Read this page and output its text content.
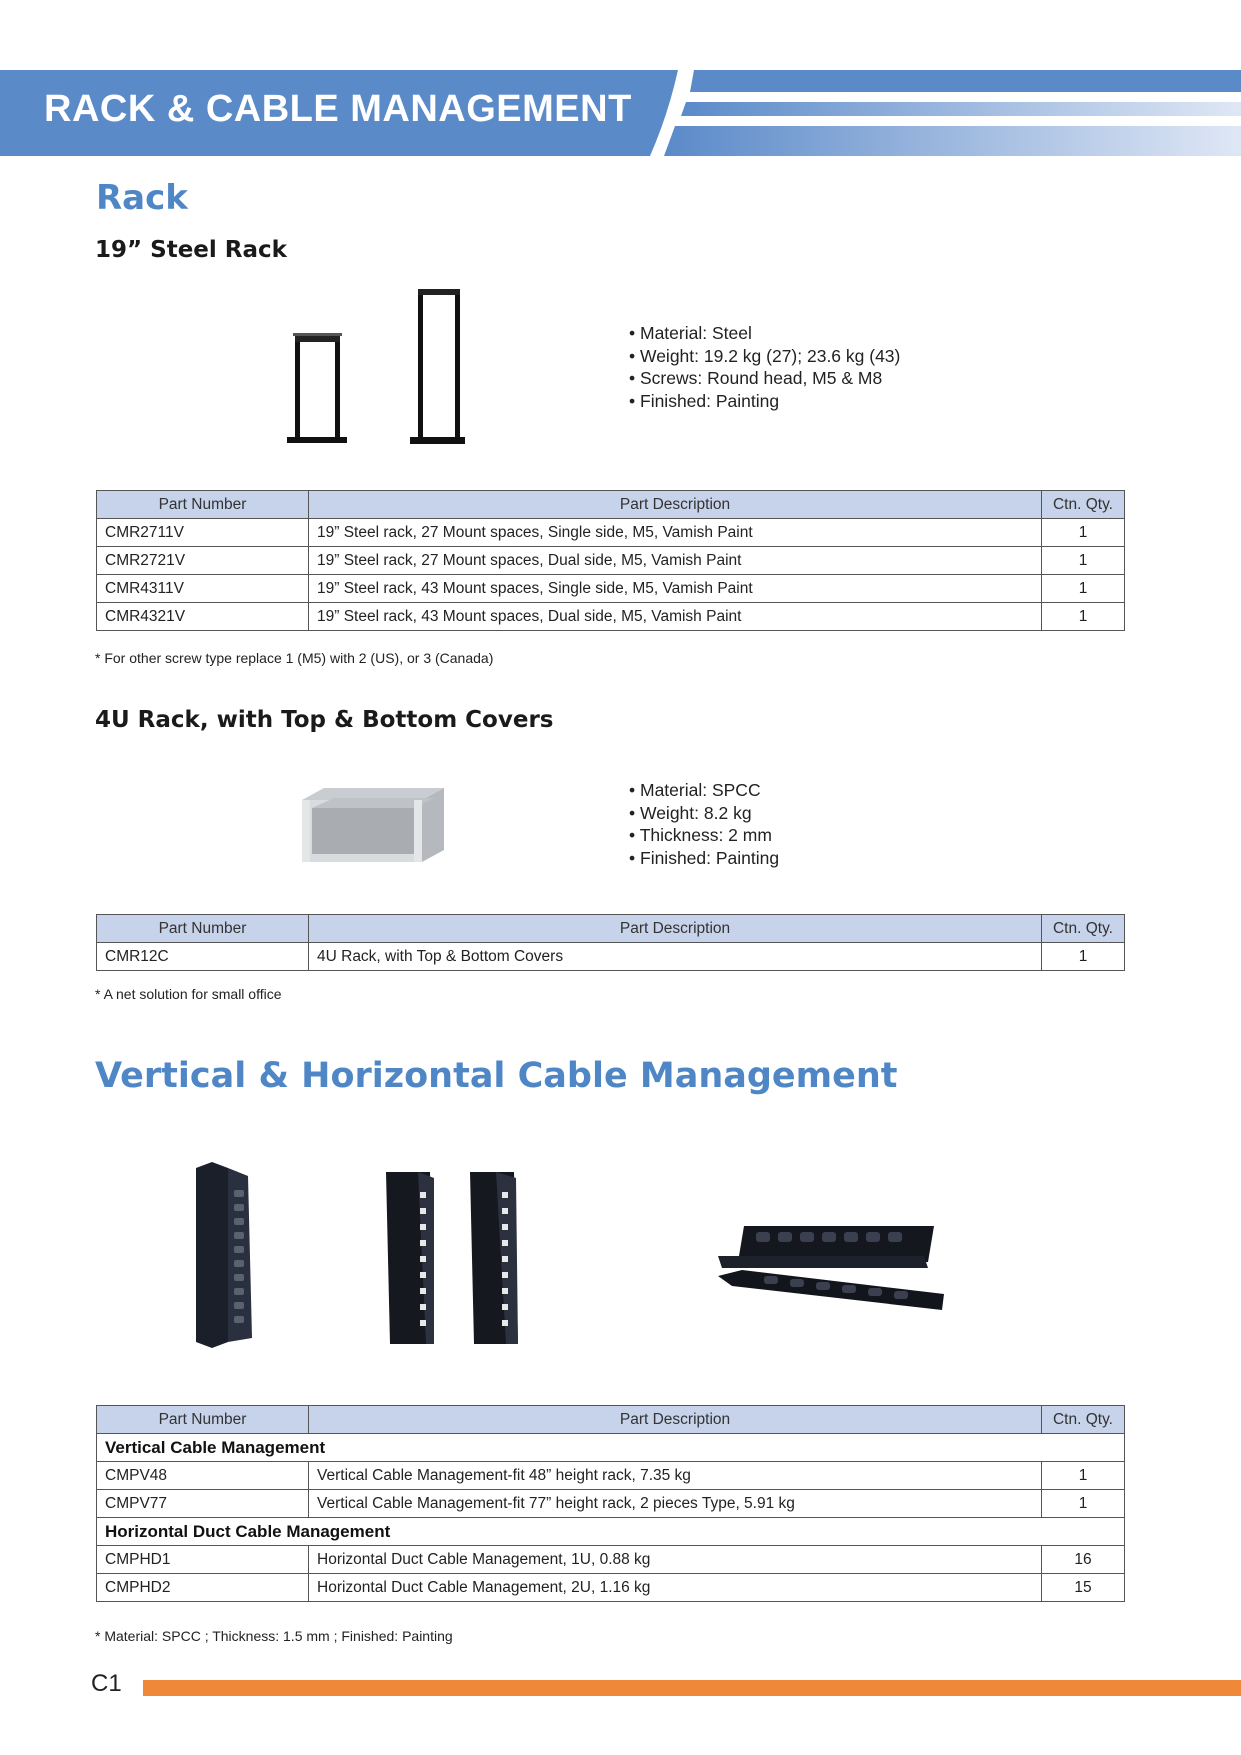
RACK & CABLE MANAGEMENT
Rack
19” Steel Rack
• Material: Steel
• Weight: 19.2 kg (27); 23.6 kg (43)
• Screws: Round head, M5 & M8
• Finished: Painting
Part Number	Part Description	Ctn. Qty.
CMR2711V	19” Steel rack, 27 Mount spaces, Single side, M5, Vamish Paint	1
CMR2721V	19” Steel rack, 27 Mount spaces, Dual side, M5, Vamish Paint	1
CMR4311V	19” Steel rack, 43 Mount spaces, Single side, M5, Vamish Paint	1
CMR4321V	19” Steel rack, 43 Mount spaces, Dual side, M5, Vamish Paint	1
* For other screw type replace 1 (M5) with 2 (US), or 3 (Canada)
4U Rack, with Top & Bottom Covers
• Material: SPCC
• Weight: 8.2 kg
• Thickness: 2 mm
• Finished: Painting
Part Number	Part Description	Ctn. Qty.
CMR12C	4U Rack, with Top & Bottom Covers	1
* A net solution for small office
Vertical & Horizontal Cable Management
Part Number	Part Description	Ctn. Qty.
Vertical Cable Management		
CMPV48	Vertical Cable Management-fit 48” height rack, 7.35 kg	1
CMPV77	Vertical Cable Management-fit 77” height rack, 2 pieces Type, 5.91 kg	1
Horizontal Duct Cable Management		
CMPHD1	Horizontal Duct Cable Management, 1U, 0.88 kg	16
CMPHD2	Horizontal Duct Cable Management, 2U, 1.16 kg	15
* Material: SPCC ; Thickness: 1.5 mm ; Finished: Painting
C1
